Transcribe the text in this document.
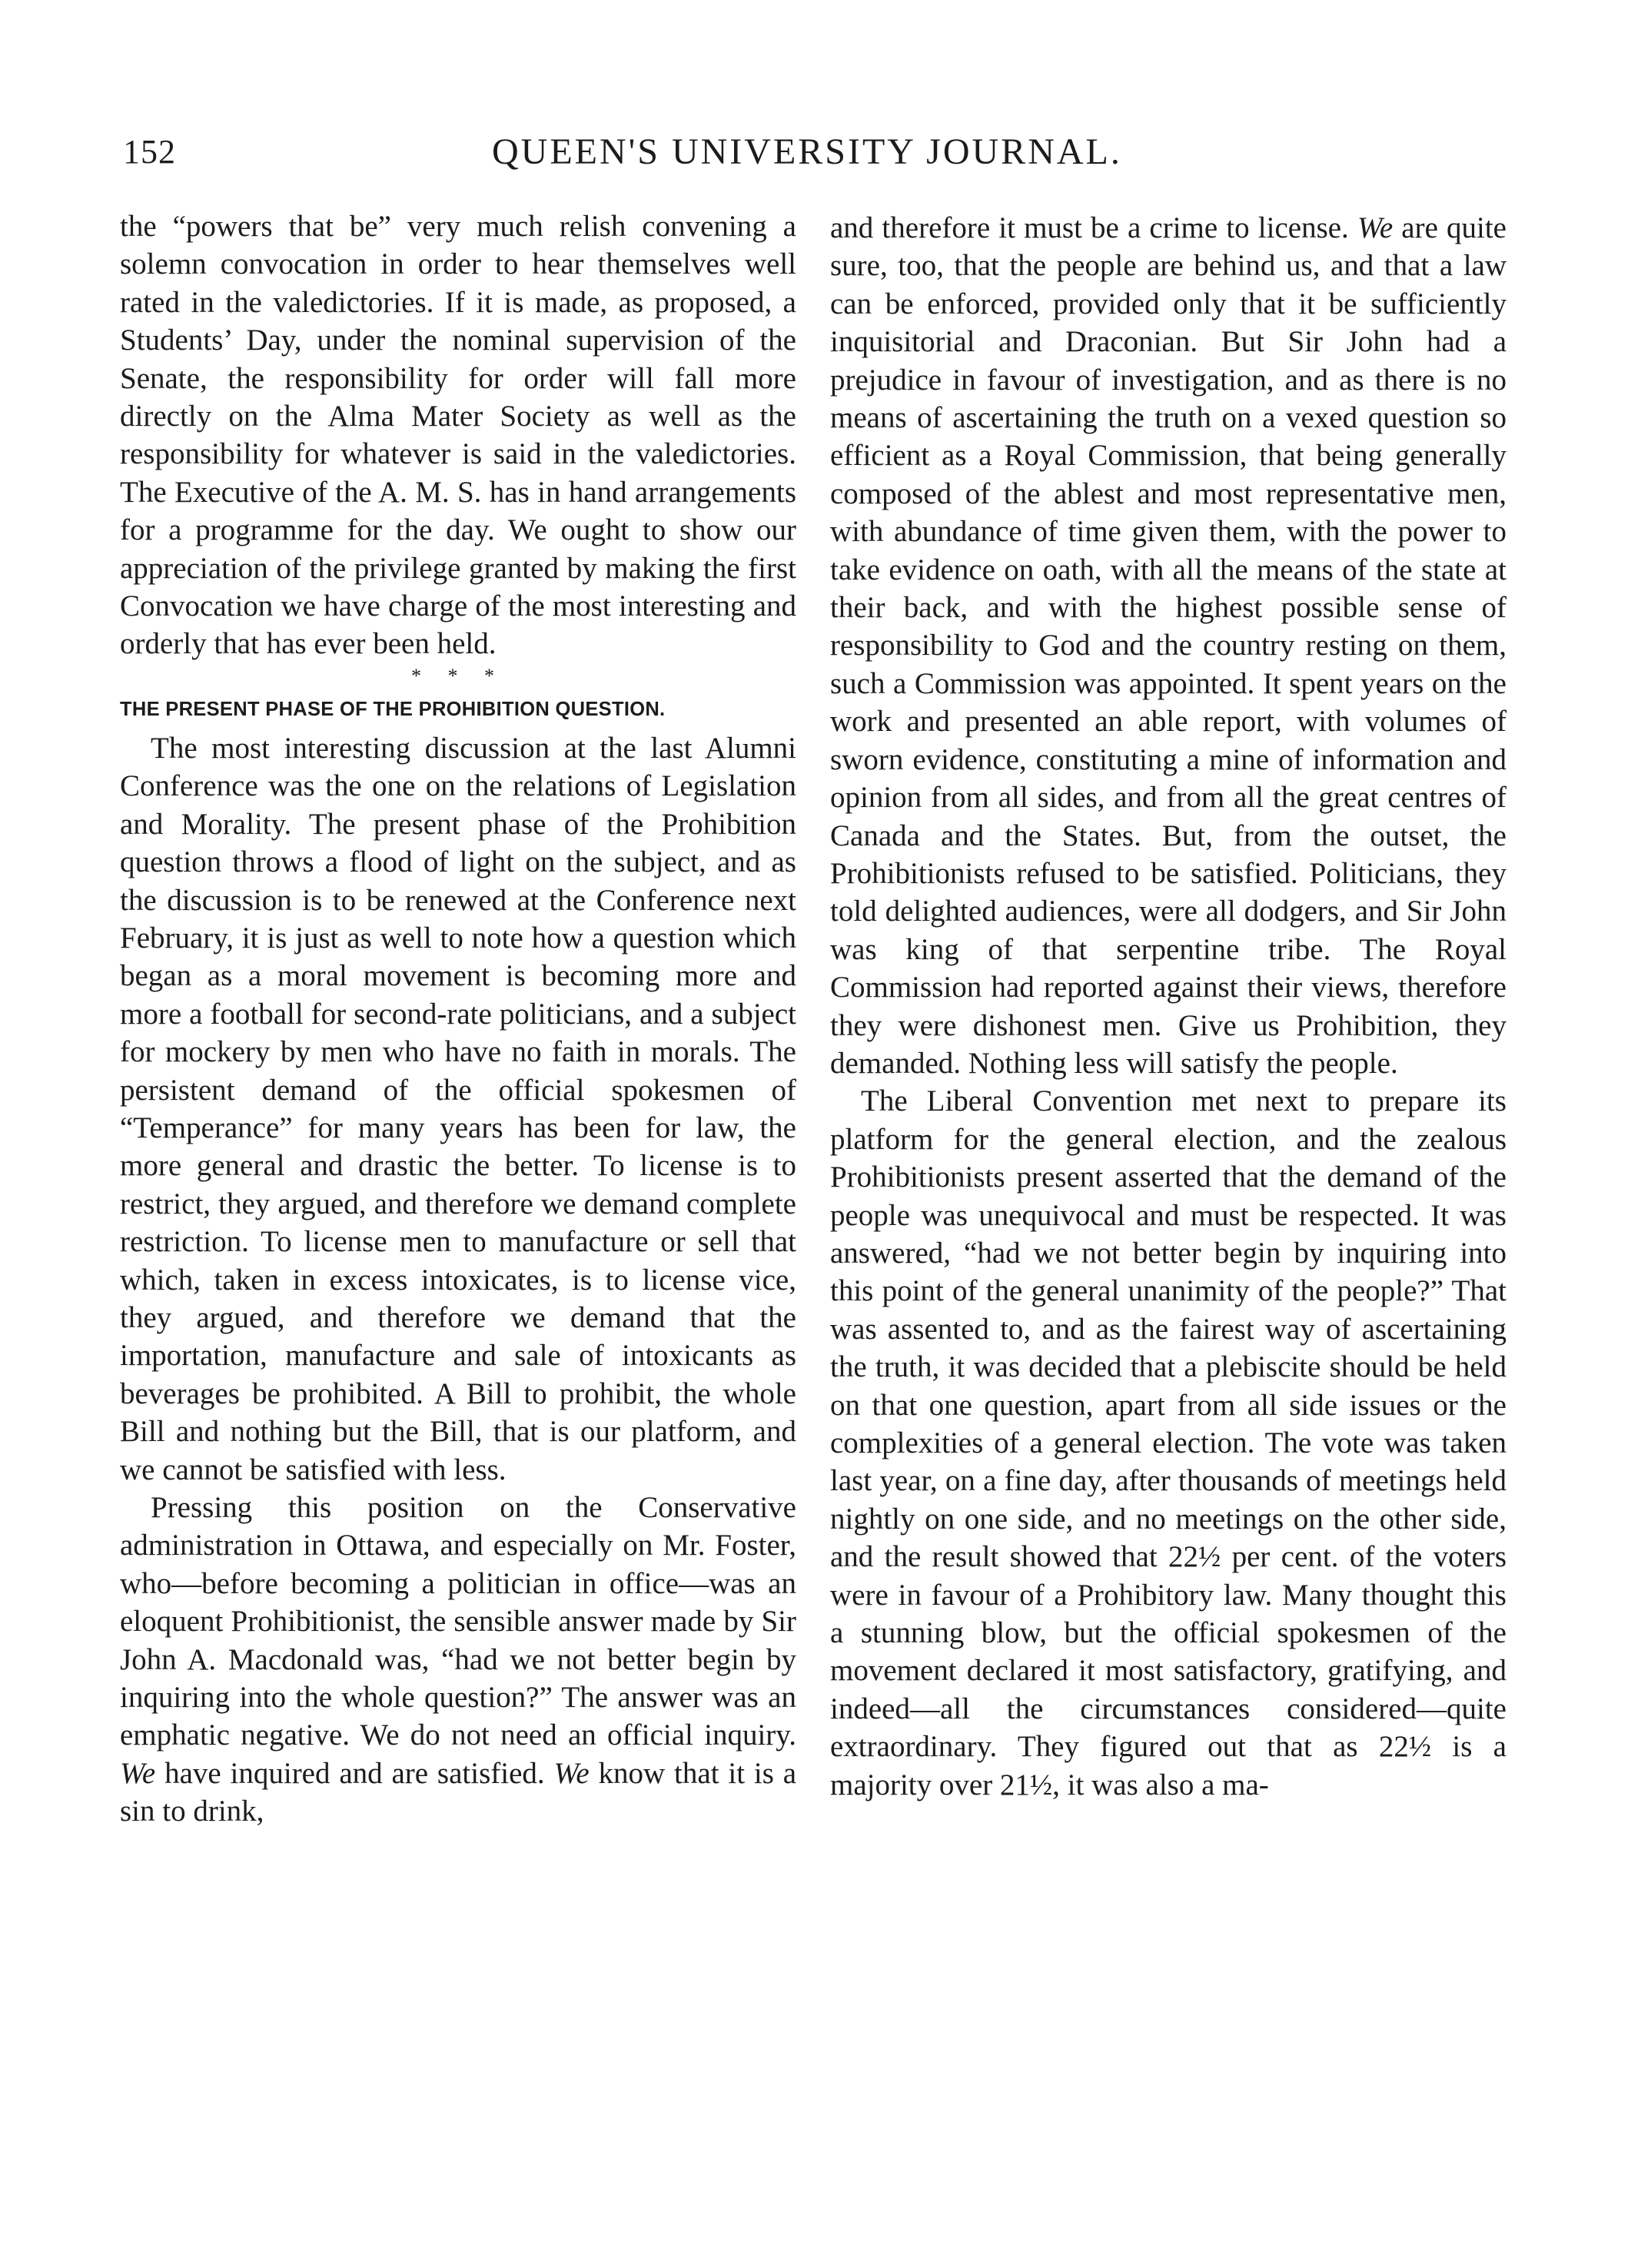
152	QUEEN'S UNIVERSITY JOURNAL.

the “powers that be” very much relish convening a solemn convocation in order to hear themselves well rated in the valedictories. If it is made, as proposed, a Students’ Day, under the nominal supervision of the Senate, the responsibility for order will fall more directly on the Alma Mater Society as well as the responsibility for whatever is said in the valedictories. The Executive of the A. M. S. has in hand arrangements for a programme for the day. We ought to show our appreciation of the privilege granted by making the first Convocation we have charge of the most interesting and orderly that has ever been held.

* * *
THE PRESENT PHASE OF THE PROHIBITION QUESTION.

The most interesting discussion at the last Alumni Conference was the one on the relations of Legislation and Morality. The present phase of the Prohibition question throws a flood of light on the subject, and as the discussion is to be renewed at the Conference next February, it is just as well to note how a question which began as a moral movement is becoming more and more a football for second-rate politicians, and a subject for mockery by men who have no faith in morals. The persistent demand of the official spokesmen of “Temperance” for many years has been for law, the more general and drastic the better. To license is to restrict, they argued, and therefore we demand complete restriction. To license men to manufacture or sell that which, taken in excess intoxicates, is to license vice, they argued, and therefore we demand that the importation, manufacture and sale of intoxicants as beverages be prohibited. A Bill to prohibit, the whole Bill and nothing but the Bill, that is our platform, and we cannot be satisfied with less.

Pressing this position on the Conservative administration in Ottawa, and especially on Mr. Foster, who—before becoming a politician in office—was an eloquent Prohibitionist, the sensible answer made by Sir John A. Macdonald was, “had we not better begin by inquiring into the whole question?” The answer was an emphatic negative. We do not need an official inquiry. We have inquired and are satisfied. We know that it is a sin to drink,

and therefore it must be a crime to license. We are quite sure, too, that the people are behind us, and that a law can be enforced, provided only that it be sufficiently inquisitorial and Draconian. But Sir John had a prejudice in favour of investigation, and as there is no means of ascertaining the truth on a vexed question so efficient as a Royal Commission, that being generally composed of the ablest and most representative men, with abundance of time given them, with the power to take evidence on oath, with all the means of the state at their back, and with the highest possible sense of responsibility to God and the country resting on them, such a Commission was appointed. It spent years on the work and presented an able report, with volumes of sworn evidence, constituting a mine of information and opinion from all sides, and from all the great centres of Canada and the States. But, from the outset, the Prohibitionists refused to be satisfied. Politicians, they told delighted audiences, were all dodgers, and Sir John was king of that serpentine tribe. The Royal Commission had reported against their views, therefore they were dishonest men. Give us Prohibition, they demanded. Nothing less will satisfy the people.

The Liberal Convention met next to prepare its platform for the general election, and the zealous Prohibitionists present asserted that the demand of the people was unequivocal and must be respected. It was answered, “had we not better begin by inquiring into this point of the general unanimity of the people?” That was assented to, and as the fairest way of ascertaining the truth, it was decided that a plebiscite should be held on that one question, apart from all side issues or the complexities of a general election. The vote was taken last year, on a fine day, after thousands of meetings held nightly on one side, and no meetings on the other side, and the result showed that 22½ per cent. of the voters were in favour of a Prohibitory law. Many thought this a stunning blow, but the official spokesmen of the movement declared it most satisfactory, gratifying, and indeed—all the circumstances considered—quite extraordinary. They figured out that as 22½ is a majority over 21½, it was also a ma-
